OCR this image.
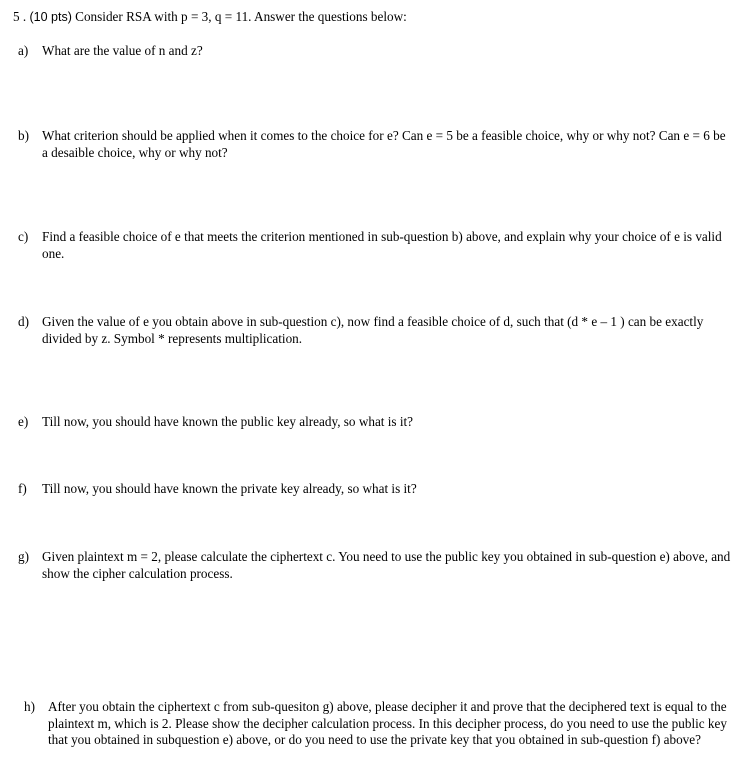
5 . (10 pts) Consider RSA with p = 3, q = 11. Answer the questions below:
a) What are the value of n and z?
b) What criterion should be applied when it comes to the choice for e? Can e = 5 be a feasible choice, why or why not? Can e = 6 be a desaible choice, why or why not?
c) Find a feasible choice of e that meets the criterion mentioned in sub-question b) above, and explain why your choice of e is valid one.
d) Given the value of e you obtain above in sub-question c), now find a feasible choice of d, such that (d * e – 1 ) can be exactly divided by z. Symbol * represents multiplication.
e) Till now, you should have known the public key already, so what is it?
f) Till now, you should have known the private key already, so what is it?
g) Given plaintext m = 2, please calculate the ciphertext c. You need to use the public key you obtained in sub-question e) above, and show the cipher calculation process.
h) After you obtain the ciphertext c from sub-quesiton g) above, please decipher it and prove that the deciphered text is equal to the plaintext m, which is 2. Please show the decipher calculation process. In this decipher process, do you need to use the public key that you obtained in subquestion e) above, or do you need to use the private key that you obtained in sub-question f) above?
